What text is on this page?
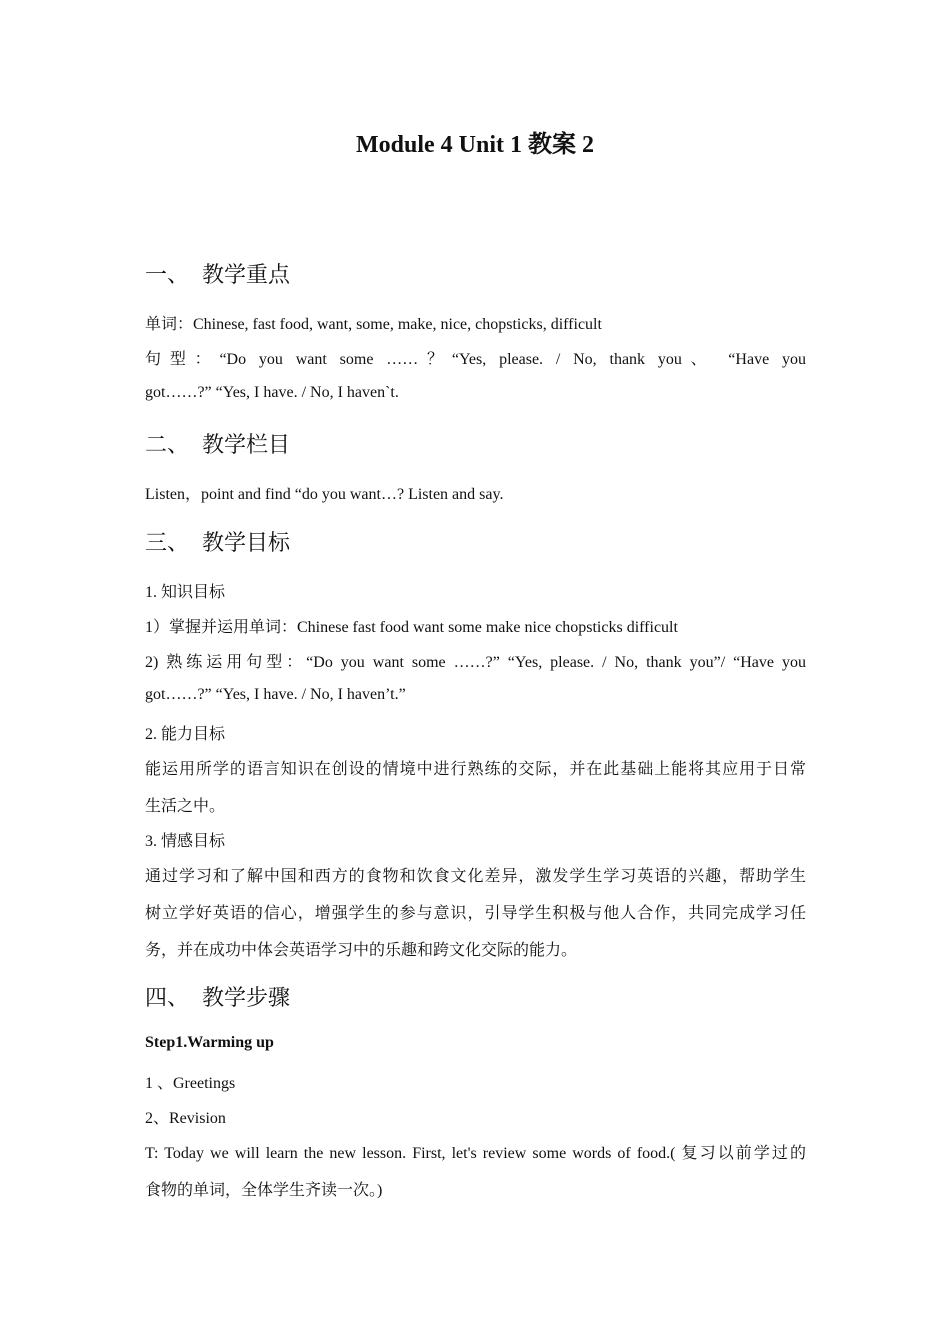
Module 4 Unit 1 教案 2
一、 教学重点
单词：Chinese, fast food, want, some, make, nice, chopsticks, difficult
句型：“Do you want some ……？“Yes, please. / No, thank you、 “Have you
got……?” “Yes, I have. / No, I haven`t.
二、 教学栏目
Listen，point and find “do you want…? Listen and say.
三、 教学目标
1. 知识目标
1）掌握并运用单词：Chinese fast food want some make nice chopsticks difficult
2) 熟练运用句型：“Do you want some ……?” “Yes, please. / No, thank you”/ “Have you
got……?” “Yes, I have. / No, I haven’t.”
2. 能力目标
能运用所学的语言知识在创设的情境中进行熟练的交际，并在此基础上能将其应用于日常
生活之中。
3. 情感目标
通过学习和了解中国和西方的食物和饮食文化差异，激发学生学习英语的兴趣，帮助学生
树立学好英语的信心，增强学生的参与意识，引导学生积极与他人合作，共同完成学习任
务，并在成功中体会英语学习中的乐趣和跨文化交际的能力。
四、 教学步骤
Step1.Warming up
1 、Greetings
2、Revision
T: Today we will learn the new lesson. First, let's review some words of food.( 复习以前学过的
食物的单词，全体学生齐读一次。)
